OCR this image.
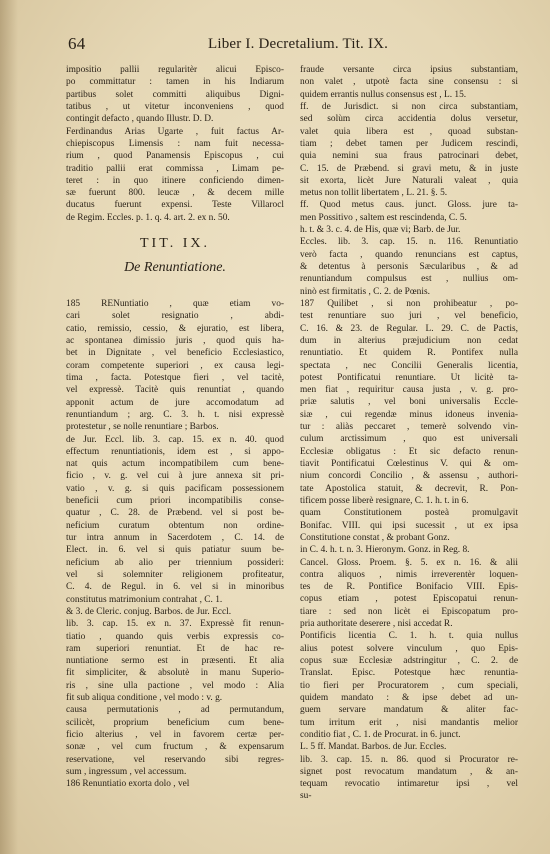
64	Liber I. Decretalium. Tit. IX.
impositio pallii regularitèr alicui Episco-
po committatur : tamen in his Indiarum
partibus solet committi aliquibus Digni-
tatibus , ut vitetur inconveniens , quod
contingit defacto , quando Illustr. D. D.
Ferdinandus Arias Ugarte , fuit factus Ar-
chiepiscopus Limensis : nam fuit necessa-
rium , quod Panamensis Episcopus , cui
traditio pallii erat commissa , Limam pe-
teret : in quo itinere conficiendo dimen-
sæ fuerunt 800. leucæ , & decem mille
ducatus fuerunt expensi. Teste Villarocl
de Regim. Eccles. p. 1. q. 4. art. 2. ex n. 50.
TIT. IX.
De Renuntiatione.
185 RENuntiatio , quæ etiam vo-
cari solet resignatio , abdi-
catio, remissio, cessio, & ejuratio, est libera,
ac spontanea dimissio juris , quod quis ha-
bet in Dignitate , vel beneficio Ecclesiastico,
coram competente superiori , ex causa legi-
tima , facta. Potestque fieri , vel tacitè,
vel expressè. Tacitè quis renuntiat , quando
apponit actum de jure accomodatum ad
renuntiandum ; arg. C. 3. h. t. nisi expressè
protestetur , se nolle renuntiare ; Barbos.
de Jur. Eccl. lib. 3. cap. 15. ex n. 40. quod
effectum renuntiationis, idem est , si appo-
nat quis actum incompatibilem cum bene-
ficio , v. g. vel cui à jure annexa sit pri-
vatio , v. g. si quis pacificam possessionem
beneficii cum priori incompatibilis conse-
quatur , C. 28. de Præbend. vel si post be-
neficium curatum obtentum non ordine-
tur intra annum in Sacerdotem , C. 14. de
Elect. in. 6. vel si quis patiatur suum be-
neficium ab alio per triennium possideri:
vel si solemniter religionem profiteatur,
C. 4. de Regul. in 6. vel si in minoribus
constitutus matrimonium contrahat , C. 1.
& 3. de Cleric. conjug. Barbos. de Jur. Eccl.
lib. 3. cap. 15. ex n. 37. Expressè fit renun-
tiatio , quando quis verbis expressis co-
ram superiori renuntiat. Et de hac re-
nuntiatione sermo est in præsenti. Et alia
fit simpliciter, & absolutè in manu Superio-
ris , sine ulla pactione , vel modo : Alia
fit sub aliqua conditione , vel modo : v. g.
causa permutationis , ad permutandum,
scilicèt, proprium beneficium cum bene-
ficio alterius , vel in favorem certæ per-
sonæ , vel cum fructum , & expensarum
reservatione, vel reservando sibi regres-
sum , ingressum , vel accessum.
186 Renuntiatio exorta dolo , vel
fraude versante circa ipsius substantiam,
non valet , utpotè facta sine consensu : si
quidem errantis nullus consensus est , L. 15.
ff. de Jurisdict. si non circa substantiam,
sed solùm circa accidentia dolus versetur,
valet quia libera est , quoad substan-
tiam ; debet tamen per Judicem rescindi,
quia nemini sua fraus patrocinari debet,
C. 15. de Præbend. si gravi metu, & in juste
sit exorta, licèt Jure Naturali valeat , quia
metus non tollit libertatem , L. 21. §. 5.
ff. Quod metus caus. junct. Gloss. jure ta-
men Possitivo , saltem est rescindenda, C. 5.
h. t. & 3. c. 4. de His, quæ vi; Barb. de Jur.
Eccles. lib. 3. cap. 15. n. 116. Renuntiatio
verò facta , quando renuncians est captus,
& detentus à personis Sæcularibus , & ad
renuntiandum compulsus est , nullius om-
ninò est firmitatis , C. 2. de Pœnis.
187 Quilibet , si non prohibeatur , po-
test renuntiare suo juri , vel beneficio,
C. 16. & 23. de Regular. L. 29. C. de Pactis,
dum in alterius præjudicium non cedat
renuntiatio. Et quidem R. Pontifex nulla
spectata , nec Concilii Generalis licentia,
potest Pontificatui renuntiare. Ut licitè ta-
men fiat , requiritur causa justa , v. g. pro-
priæ salutis , vel boni universalis Eccle-
siæ , cui regendæ minus idoneus invenia-
tur : aliàs peccaret , temerè solvendo vin-
culum arctissimum , quo est universali
Ecclesiæ obligatus : Et sic defacto renun-
tiavit Pontificatui Cœlestinus V. qui & om-
nium concordi Concilio , & assensu , authori-
tate Apostolica statuit, & decrevit, R. Pon-
tificem posse liberè resignare, C. 1. h. t. in 6.
quam Constitutionem posteà promulgavit
Bonifac. VIII. qui ipsi sucessit , ut ex ipsa
Constitutione constat , & probant Gonz.
in C. 4. h. t. n. 3. Hieronym. Gonz. in Reg. 8.
Cancel. Gloss. Proem. §. 5. ex n. 16. & alii
contra aliquos , nimis irreverentèr loquen-
tes de R. Pontifice Bonifacio VIII. Epis-
copus etiam , potest Episcopatui renun-
tiare : sed non licèt ei Episcopatum pro-
pria authoritate deserere , nisi accedat R.
Pontificis licentia C. 1. h. t. quia nullus
alius potest solvere vinculum , quo Epis-
copus suæ Ecclesiæ adstringitur , C. 2. de
Translat. Episc. Potestque hæc renuntia-
tio fieri per Procuratorem , cum speciali,
quidem mandato : & ipse debet ad un-
guem servare mandatum & aliter fac-
tum irritum erit , nisi mandantis melior
conditio fiat , C. 1. de Procurat. in 6. junct.
L. 5 ff. Mandat. Barbos. de Jur. Eccles.
lib. 3. cap. 15. n. 86. quod si Procurator re-
signet post revocatum mandatum , & an-
tequam revocatio intimaretur ipsi , vel
su-
